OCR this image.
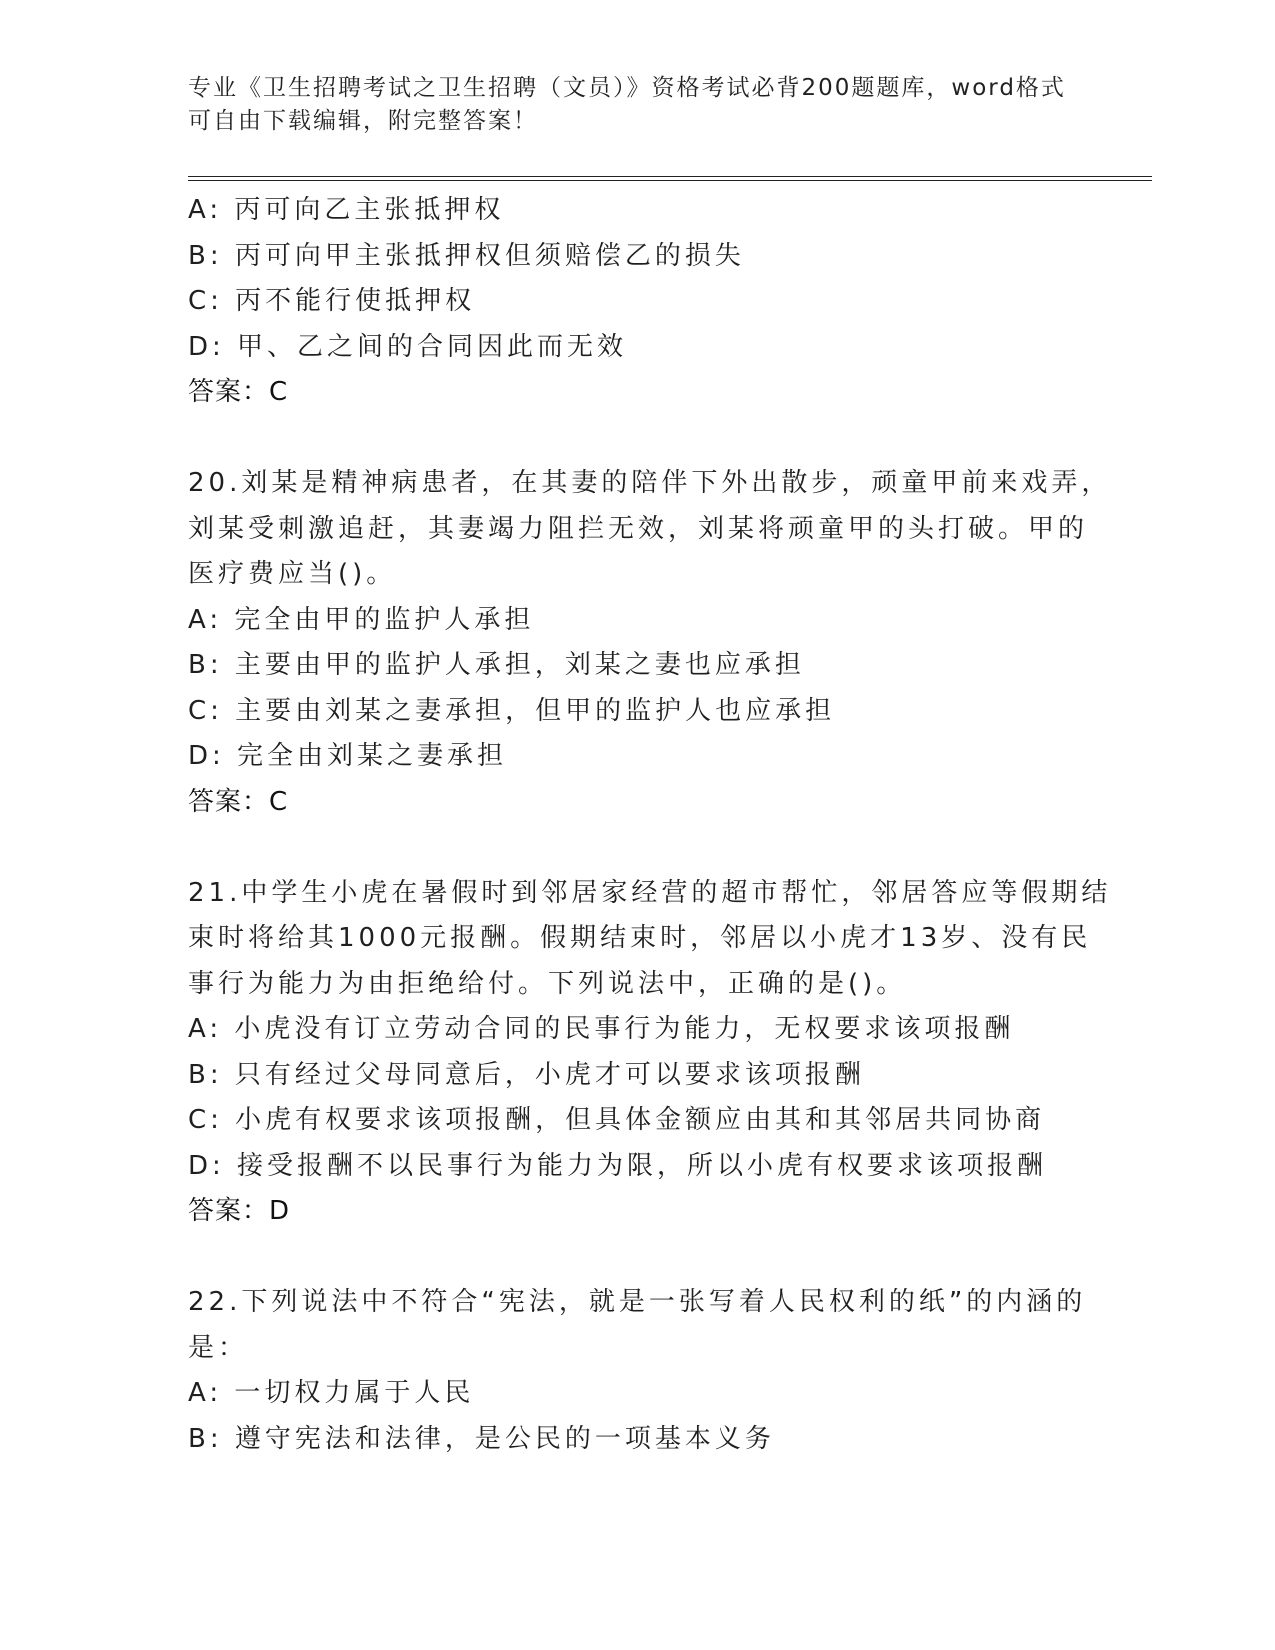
专业《卫生招聘考试之卫生招聘（文员）》资格考试必背200题题库，word格式
可自由下载编辑，附完整答案！
A: 丙可向乙主张抵押权
B: 丙可向甲主张抵押权但须赔偿乙的损失
C: 丙不能行使抵押权
D: 甲、乙之间的合同因此而无效
答案：C
20.刘某是精神病患者，在其妻的陪伴下外出散步，顽童甲前来戏弄，
刘某受刺激追赶，其妻竭力阻拦无效，刘某将顽童甲的头打破。甲的
医疗费应当()。
A: 完全由甲的监护人承担
B: 主要由甲的监护人承担，刘某之妻也应承担
C: 主要由刘某之妻承担，但甲的监护人也应承担
D: 完全由刘某之妻承担
答案：C
21.中学生小虎在暑假时到邻居家经营的超市帮忙，邻居答应等假期结
束时将给其1000元报酬。假期结束时，邻居以小虎才13岁、没有民
事行为能力为由拒绝给付。下列说法中，正确的是()。
A: 小虎没有订立劳动合同的民事行为能力，无权要求该项报酬
B: 只有经过父母同意后，小虎才可以要求该项报酬
C: 小虎有权要求该项报酬，但具体金额应由其和其邻居共同协商
D: 接受报酬不以民事行为能力为限，所以小虎有权要求该项报酬
答案：D
22.下列说法中不符合“宪法，就是一张写着人民权利的纸”的内涵的
是：
A: 一切权力属于人民
B: 遵守宪法和法律，是公民的一项基本义务
